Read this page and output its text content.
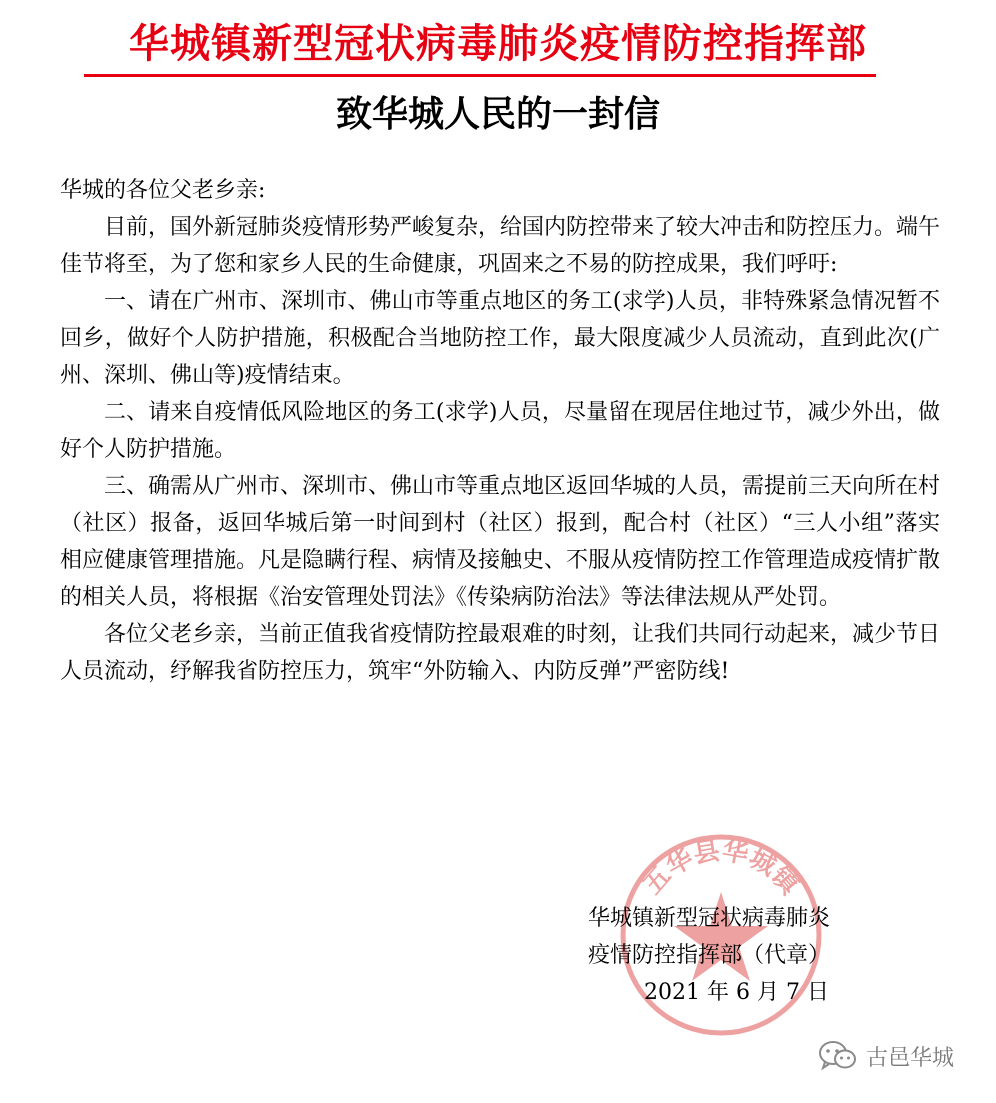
华城镇新型冠状病毒肺炎疫情防控指挥部
致华城人民的一封信

华城的各位父老乡亲:

目前，国外新冠肺炎疫情形势严峻复杂，给国内防控带来了较大冲击和防控压力。端午佳节将至，为了您和家乡人民的生命健康，巩固来之不易的防控成果，我们呼吁:

一、请在广州市、深圳市、佛山市等重点地区的务工(求学)人员，非特殊紧急情况暂不回乡，做好个人防护措施，积极配合当地防控工作，最大限度减少人员流动，直到此次(广州、深圳、佛山等)疫情结束。

二、请来自疫情低风险地区的务工(求学)人员，尽量留在现居住地过节，减少外出，做好个人防护措施。

三、确需从广州市、深圳市、佛山市等重点地区返回华城的人员，需提前三天向所在村（社区）报备，返回华城后第一时间到村（社区）报到，配合村（社区）“三人小组”落实相应健康管理措施。凡是隐瞒行程、病情及接触史、不服从疫情防控工作管理造成疫情扩散的相关人员，将根据《治安管理处罚法》《传染病防治法》等法律法规从严处罚。

各位父老乡亲，当前正值我省疫情防控最艰难的时刻，让我们共同行动起来，减少节日人员流动，纾解我省防控压力，筑牢“外防输入、内防反弹”严密防线!

五华县华城镇
华城镇新型冠状病毒肺炎
疫情防控指挥部（代章）
2021 年 6 月 7 日
古邑华城
